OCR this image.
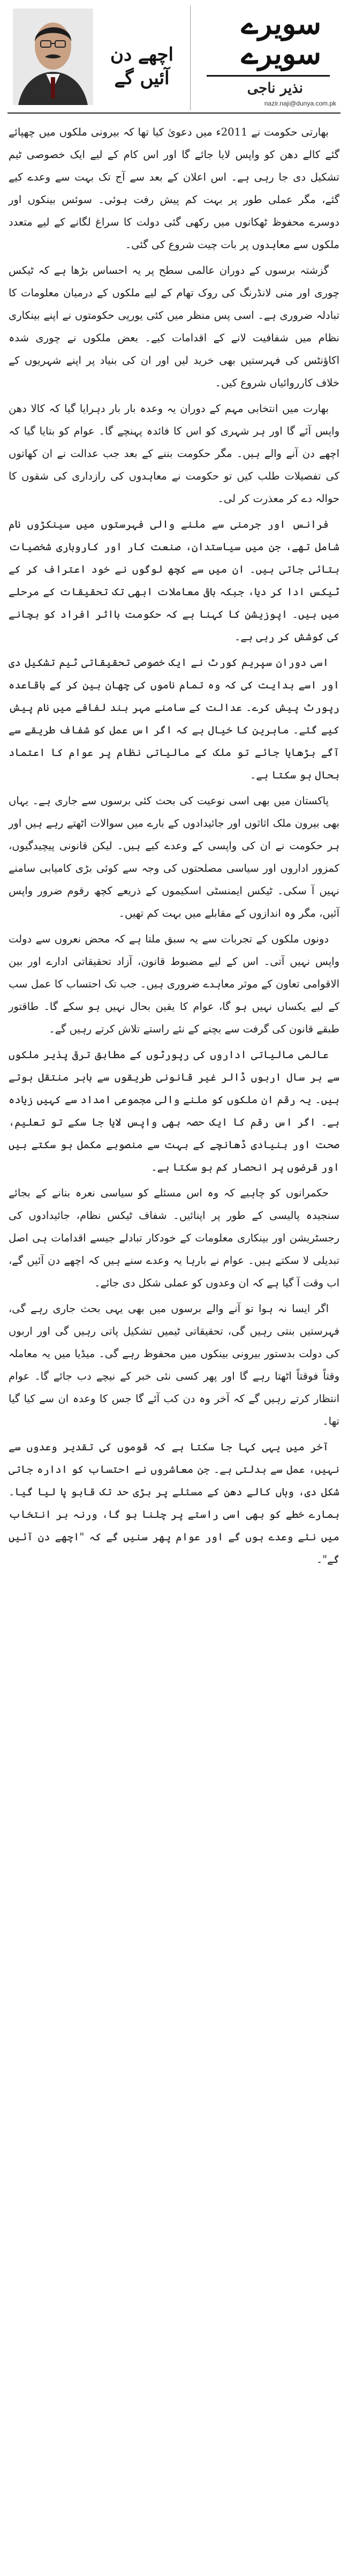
سویرے
سویرے
نذیر ناجی
nazir.naji@dunya.com.pk
اچھے دن آئیں گے

بھارتی حکومت نے 2011ء میں دعویٰ کیا تھا کہ بیرونی ملکوں میں چھپائے گئے کالے دھن کو واپس لایا جائے گا اور اس کام کے لیے ایک خصوصی ٹیم تشکیل دی جا رہی ہے۔ اس اعلان کے بعد سے آج تک بہت سے وعدے کیے گئے، مگر عملی طور پر بہت کم پیش رفت ہوئی۔ سوئس بینکوں اور دوسرے محفوظ ٹھکانوں میں رکھی گئی دولت کا سراغ لگانے کے لیے متعدد ملکوں سے معاہدوں پر بات چیت شروع کی گئی۔

گزشتہ برسوں کے دوران عالمی سطح پر یہ احساس بڑھا ہے کہ ٹیکس چوری اور منی لانڈرنگ کی روک تھام کے لیے ملکوں کے درمیان معلومات کا تبادلہ ضروری ہے۔ اسی پس منظر میں کئی یورپی حکومتوں نے اپنے بینکاری نظام میں شفافیت لانے کے اقدامات کیے۔ بعض ملکوں نے چوری شدہ اکاؤنٹس کی فہرستیں بھی خرید لیں اور ان کی بنیاد پر اپنے شہریوں کے خلاف کارروائیاں شروع کیں۔

بھارت میں انتخابی مہم کے دوران یہ وعدہ بار بار دہرایا گیا کہ کالا دھن واپس آئے گا اور ہر شہری کو اس کا فائدہ پہنچے گا۔ عوام کو بتایا گیا کہ اچھے دن آنے والے ہیں۔ مگر حکومت بننے کے بعد جب عدالت نے ان کھاتوں کی تفصیلات طلب کیں تو حکومت نے معاہدوں کی رازداری کی شقوں کا حوالہ دے کر معذرت کر لی۔

فرانس اور جرمنی سے ملنے والی فہرستوں میں سینکڑوں نام شامل تھے، جن میں سیاستدان، صنعت کار اور کاروباری شخصیات بتائی جاتی ہیں۔ ان میں سے کچھ لوگوں نے خود اعتراف کر کے ٹیکس ادا کر دیا، جبکہ باقی معاملات ابھی تک تحقیقات کے مرحلے میں ہیں۔ اپوزیشن کا کہنا ہے کہ حکومت بااثر افراد کو بچانے کی کوشش کر رہی ہے۔

اسی دوران سپریم کورٹ نے ایک خصوصی تحقیقاتی ٹیم تشکیل دی اور اسے ہدایت کی کہ وہ تمام ناموں کی چھان بین کر کے باقاعدہ رپورٹ پیش کرے۔ عدالت کے سامنے مہر بند لفافے میں نام پیش کیے گئے۔ ماہرین کا خیال ہے کہ اگر اس عمل کو شفاف طریقے سے آگے بڑھایا جائے تو ملک کے مالیاتی نظام پر عوام کا اعتماد بحال ہو سکتا ہے۔

پاکستان میں بھی اسی نوعیت کی بحث کئی برسوں سے جاری ہے۔ یہاں بھی بیرون ملک اثاثوں اور جائیدادوں کے بارے میں سوالات اٹھتے رہے ہیں اور ہر حکومت نے ان کی واپسی کے وعدے کیے ہیں۔ لیکن قانونی پیچیدگیوں، کمزور اداروں اور سیاسی مصلحتوں کی وجہ سے کوئی بڑی کامیابی سامنے نہیں آ سکی۔ ٹیکس ایمنسٹی اسکیموں کے ذریعے کچھ رقوم ضرور واپس آئیں، مگر وہ اندازوں کے مقابلے میں بہت کم تھیں۔

دونوں ملکوں کے تجربات سے یہ سبق ملتا ہے کہ محض نعروں سے دولت واپس نہیں آتی۔ اس کے لیے مضبوط قانون، آزاد تحقیقاتی ادارے اور بین الاقوامی تعاون کے موثر معاہدے ضروری ہیں۔ جب تک احتساب کا عمل سب کے لیے یکساں نہیں ہو گا، عوام کا یقین بحال نہیں ہو سکے گا۔ طاقتور طبقے قانون کی گرفت سے بچنے کے نئے راستے تلاش کرتے رہیں گے۔

عالمی مالیاتی اداروں کی رپورٹوں کے مطابق ترقی پذیر ملکوں سے ہر سال اربوں ڈالر غیر قانونی طریقوں سے باہر منتقل ہوتے ہیں۔ یہ رقم ان ملکوں کو ملنے والی مجموعی امداد سے کہیں زیادہ ہے۔ اگر اس رقم کا ایک حصہ بھی واپس لایا جا سکے تو تعلیم، صحت اور بنیادی ڈھانچے کے بہت سے منصوبے مکمل ہو سکتے ہیں اور قرضوں پر انحصار کم ہو سکتا ہے۔

حکمرانوں کو چاہیے کہ وہ اس مسئلے کو سیاسی نعرہ بنانے کے بجائے سنجیدہ پالیسی کے طور پر اپنائیں۔ شفاف ٹیکس نظام، جائیدادوں کی رجسٹریشن اور بینکاری معلومات کے خودکار تبادلے جیسے اقدامات ہی اصل تبدیلی لا سکتے ہیں۔ عوام نے بارہا یہ وعدے سنے ہیں کہ اچھے دن آئیں گے، اب وقت آ گیا ہے کہ ان وعدوں کو عملی شکل دی جائے۔

اگر ایسا نہ ہوا تو آنے والے برسوں میں بھی یہی بحث جاری رہے گی، فہرستیں بنتی رہیں گی، تحقیقاتی ٹیمیں تشکیل پاتی رہیں گی اور اربوں کی دولت بدستور بیرونی بینکوں میں محفوظ رہے گی۔ میڈیا میں یہ معاملہ وقتاً فوقتاً اٹھتا رہے گا اور پھر کسی نئی خبر کے نیچے دب جائے گا۔ عوام انتظار کرتے رہیں گے کہ آخر وہ دن کب آئے گا جس کا وعدہ ان سے کیا گیا تھا۔

آخر میں یہی کہا جا سکتا ہے کہ قوموں کی تقدیر وعدوں سے نہیں، عمل سے بدلتی ہے۔ جن معاشروں نے احتساب کو ادارہ جاتی شکل دی، وہاں کالے دھن کے مسئلے پر بڑی حد تک قابو پا لیا گیا۔ ہمارے خطے کو بھی اسی راستے پر چلنا ہو گا، ورنہ ہر انتخاب میں نئے وعدے ہوں گے اور عوام پھر سنیں گے کہ "اچھے دن آئیں گے"۔
